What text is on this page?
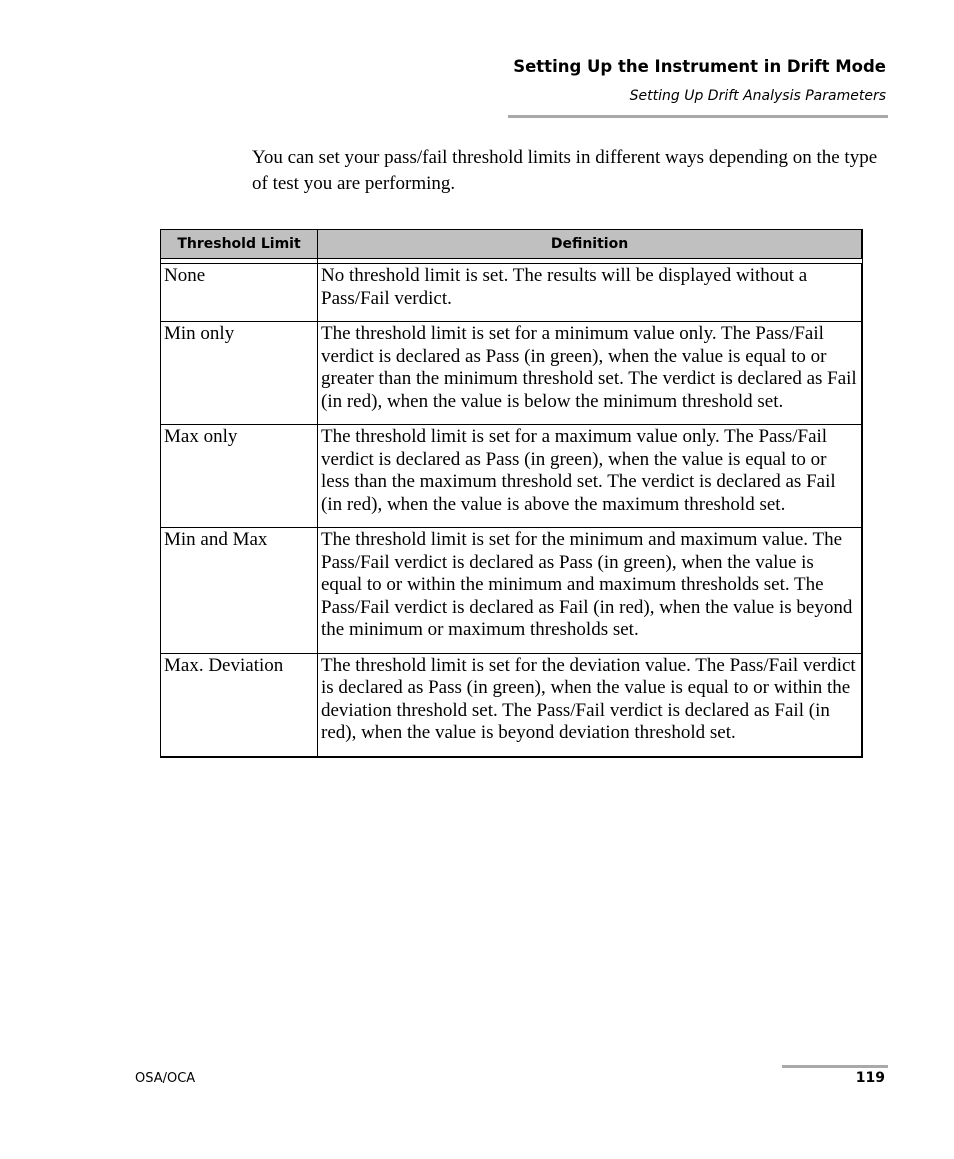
Setting Up the Instrument in Drift Mode
Setting Up Drift Analysis Parameters

You can set your pass/fail threshold limits in different ways depending on the type of test you are performing.

Threshold Limit	Definition

None	No threshold limit is set. The results will be displayed without a Pass/Fail verdict.
Min only	The threshold limit is set for a minimum value only. The Pass/Fail verdict is declared as Pass (in green), when the value is equal to or greater than the minimum threshold set. The verdict is declared as Fail (in red), when the value is below the minimum threshold set.
Max only	The threshold limit is set for a maximum value only. The Pass/Fail verdict is declared as Pass (in green), when the value is equal to or less than the maximum threshold set. The verdict is declared as Fail (in red), when the value is above the maximum threshold set.
Min and Max	The threshold limit is set for the minimum and maximum value. The Pass/Fail verdict is declared as Pass (in green), when the value is equal to or within the minimum and maximum thresholds set. The Pass/Fail verdict is declared as Fail (in red), when the value is beyond the minimum or maximum thresholds set.
Max. Deviation	The threshold limit is set for the deviation value. The Pass/Fail verdict is declared as Pass (in green), when the value is equal to or within the deviation threshold set. The Pass/Fail verdict is declared as Fail (in red), when the value is beyond deviation threshold set.
OSA/OCA	119
